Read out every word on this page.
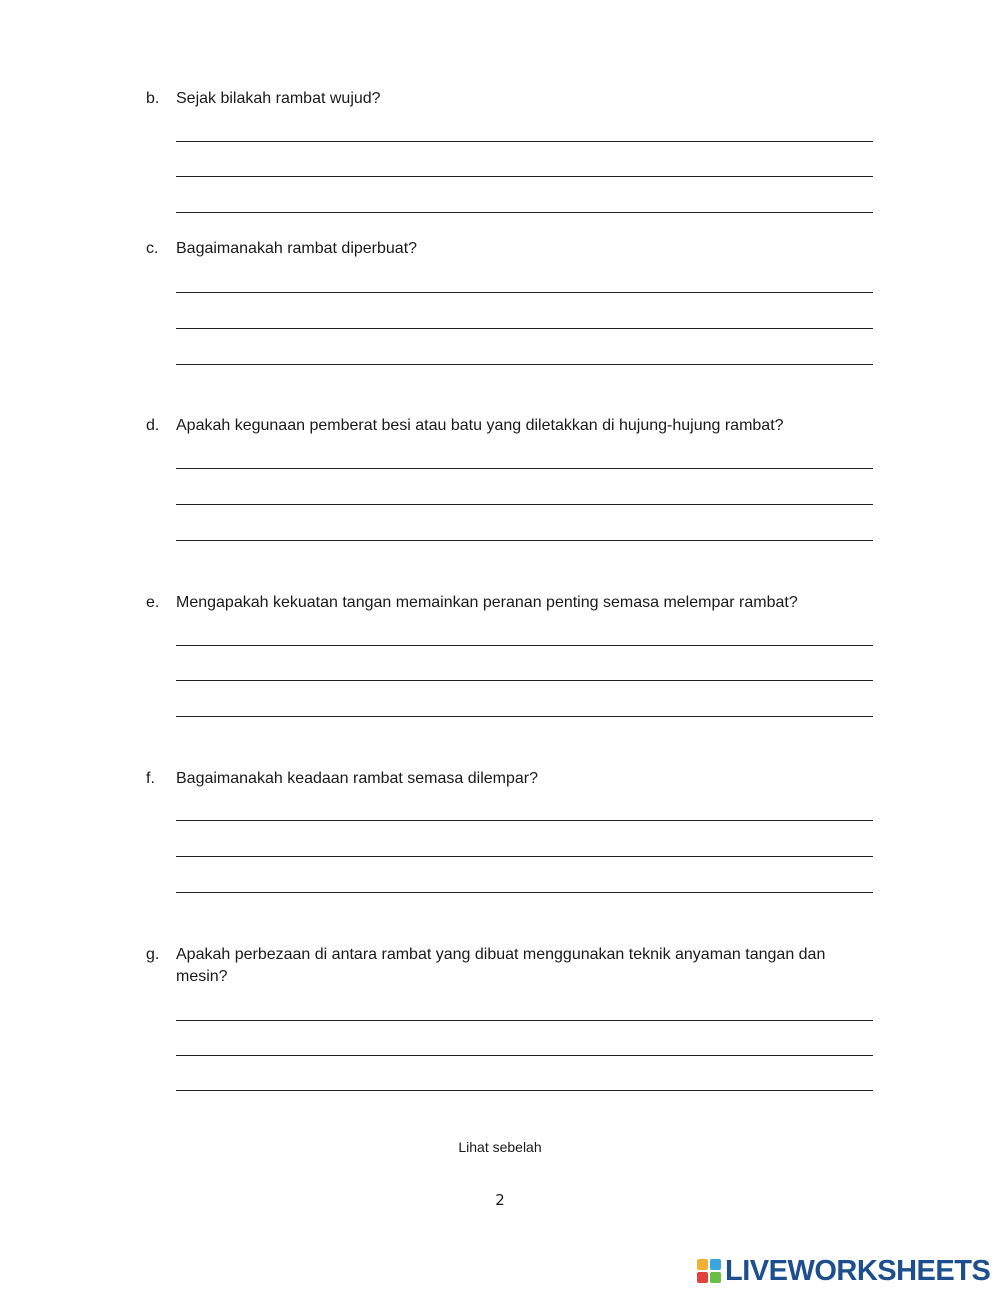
b. Sejak bilakah rambat wujud?
c. Bagaimanakah rambat diperbuat?
d. Apakah kegunaan pemberat besi atau batu yang diletakkan di hujung-hujung rambat?
e. Mengapakah kekuatan tangan memainkan peranan penting semasa melempar rambat?
f. Bagaimanakah keadaan rambat semasa dilempar?
g. Apakah perbezaan di antara rambat yang dibuat menggunakan teknik anyaman tangan dan mesin?
Lihat sebelah
2
LIVEWORKSHEETS
